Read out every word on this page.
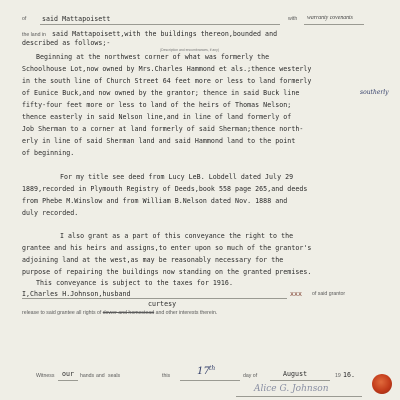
of said Mattapoisett	with warranty covenants
the land in said Mattapoisett,with the buildings thereon,bounded and
described as follows;-
(Description and encumbrances, if any)
Beginning at the northwest corner of what was formerly the
Schoolhouse Lot,now owned by Mrs.Charles Hammond et als.;thence westerly
in the south line of Church Street 64 feet more or less to land formerly
of Eunice Buck,and now owned by the grantor; thence in said Buck line	southerly
fifty-four feet more or less to land of the heirs of Thomas Nelson;
thence easterly in said Nelson line,and in line of land formerly of
Job Sherman to a corner at land formerly of said Sherman;thence north-
erly in line of said Sherman land and said Hammond land to the point
of beginning.
For my title see deed from Lucy LeB. Lobdell dated July 29
1889,recorded in Plymouth Registry of Deeds,book 558 page 265,and deeds
from Phebe M.Winslow and from William B.Nelson dated Nov. 1888 and
duly recorded.
I also grant as a part of this conveyance the right to the
grantee and his heirs and assigns,to enter upon so much of the grantor's
adjoining land at the west,as may be reasonably necessary for the
purpose of repairing the buildings now standing on the granted premises.
This conveyance is subject to the taxes for 1916.
I,Charles H.Johnson,husband	xxx of said grantor
curtesy
release to said grantee all rights of dower and homestead and other interests therein.
Witness our hands and seals	this	17 th
day of	August	19 16.
Alice G. Johnson
